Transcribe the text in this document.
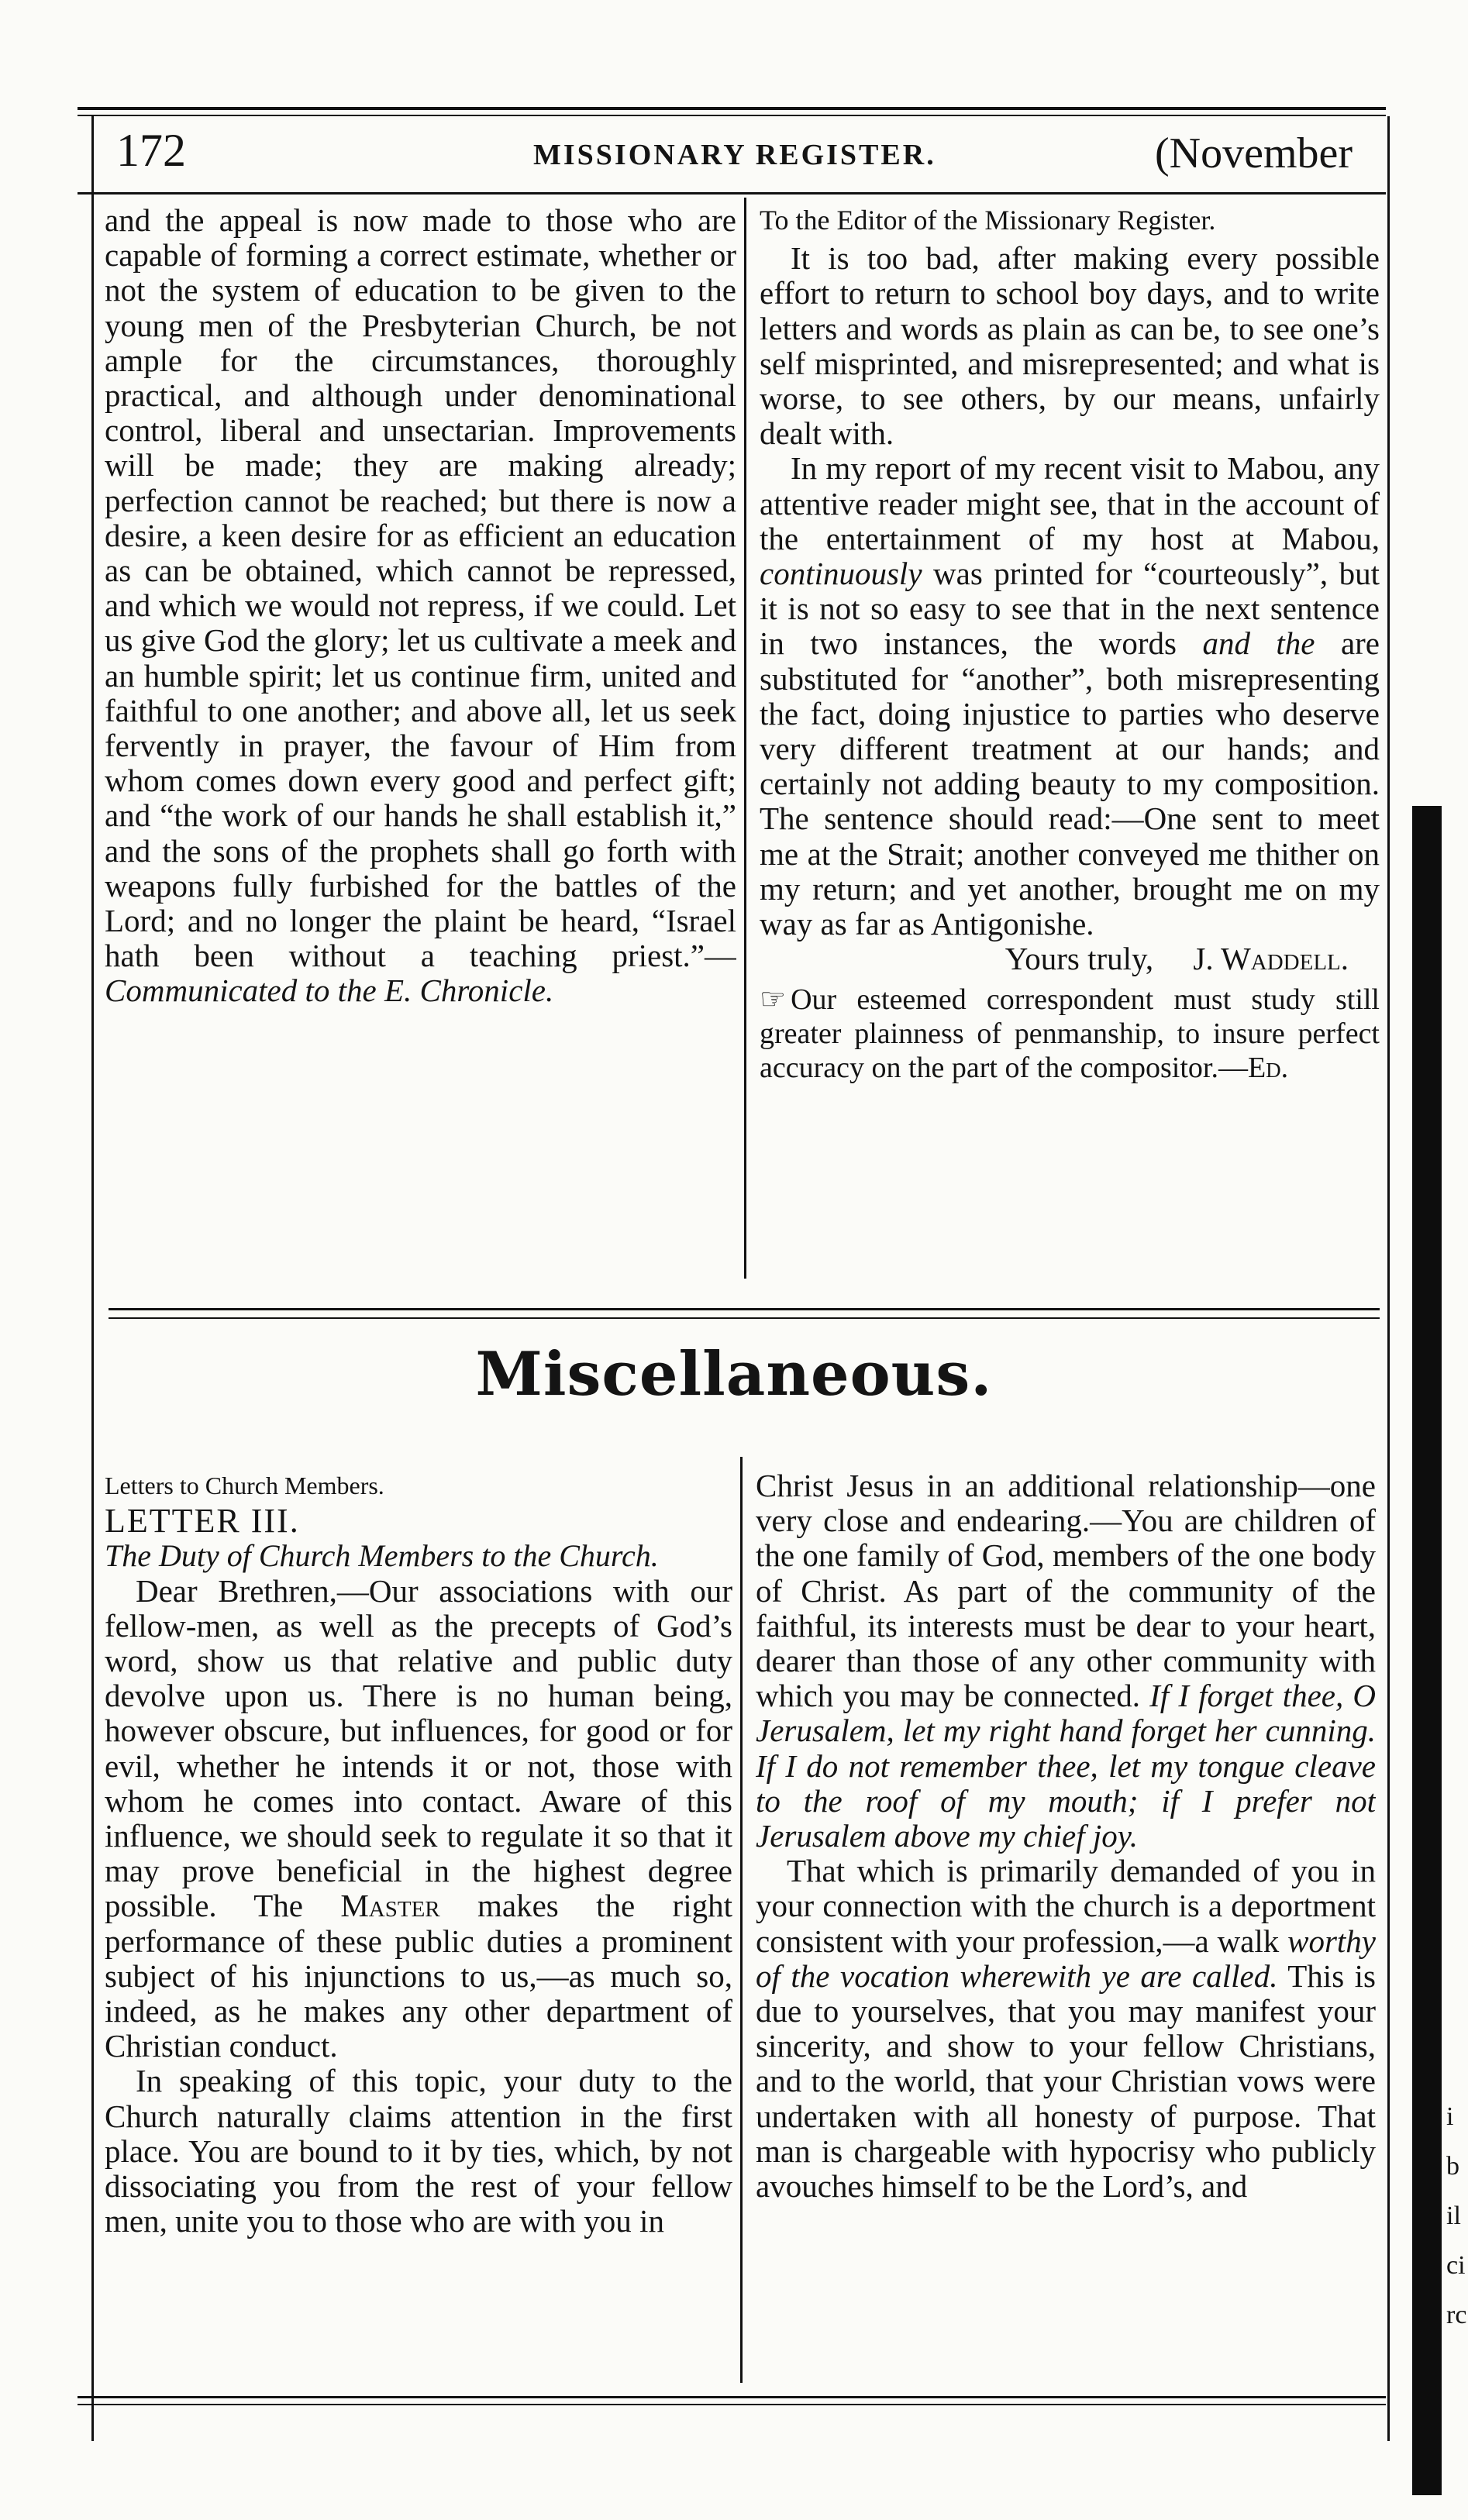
172	MISSIONARY REGISTER.	(November

and the appeal is now made to those who are capable of forming a correct estimate, whether or not the system of education to be given to the young men of the Presbyterian Church, be not ample for the circumstances, thoroughly practical, and although under denominational control, liberal and unsectarian. Improvements will be made; they are making already; perfection cannot be reached; but there is now a desire, a keen desire for as efficient an education as can be obtained, which cannot be repressed, and which we would not repress, if we could. Let us give God the glory; let us cultivate a meek and an humble spirit; let us continue firm, united and faithful to one another; and above all, let us seek fervently in prayer, the favour of Him from whom comes down every good and perfect gift; and “the work of our hands he shall establish it,” and the sons of the prophets shall go forth with weapons fully furbished for the battles of the Lord; and no longer the plaint be heard, “Israel hath been without a teaching priest.”—Communicated to the E. Chronicle.

To the Editor of the Missionary Register.

It is too bad, after making every possible effort to return to school boy days, and to write letters and words as plain as can be, to see one’s self misprinted, and misrepresented; and what is worse, to see others, by our means, unfairly dealt with.

In my report of my recent visit to Mabou, any attentive reader might see, that in the account of the entertainment of my host at Mabou, continuously was printed for “courteously”, but it is not so easy to see that in the next sentence in two instances, the words and the are substituted for “another”, both misrepresenting the fact, doing injustice to parties who deserve very different treatment at our hands; and certainly not adding beauty to my composition. The sentence should read:—One sent to meet me at the Strait; another conveyed me thither on my return; and yet another, brought me on my way as far as Antigonishe.

Yours truly, J. Waddell.

☞ Our esteemed correspondent must study still greater plainness of penmanship, to insure perfect accuracy on the part of the compositor.—Ed.

Miscellaneous.

Letters to Church Members.

LETTER III.

The Duty of Church Members to the Church.

Dear Brethren,—Our associations with our fellow-men, as well as the precepts of God’s word, show us that relative and public duty devolve upon us. There is no human being, however obscure, but influences, for good or for evil, whether he intends it or not, those with whom he comes into contact. Aware of this influence, we should seek to regulate it so that it may prove beneficial in the highest degree possible. The Master makes the right performance of these public duties a prominent subject of his injunctions to us,—as much so, indeed, as he makes any other department of Christian conduct.

In speaking of this topic, your duty to the Church naturally claims attention in the first place. You are bound to it by ties, which, by not dissociating you from the rest of your fellow men, unite you to those who are with you in

Christ Jesus in an additional relationship—one very close and endearing.—You are children of the one family of God, members of the one body of Christ. As part of the community of the faithful, its interests must be dear to your heart, dearer than those of any other community with which you may be connected. If I forget thee, O Jerusalem, let my right hand forget her cunning. If I do not remember thee, let my tongue cleave to the roof of my mouth; if I prefer not Jerusalem above my chief joy.

That which is primarily demanded of you in your connection with the church is a deportment consistent with your profession,—a walk worthy of the vocation wherewith ye are called. This is due to yourselves, that you may manifest your sincerity, and show to your fellow Christians, and to the world, that your Christian vows were undertaken with all honesty of purpose. That man is chargeable with hypocrisy who publicly avouches himself to be the Lord’s, and

i
b
il
ci
rc
